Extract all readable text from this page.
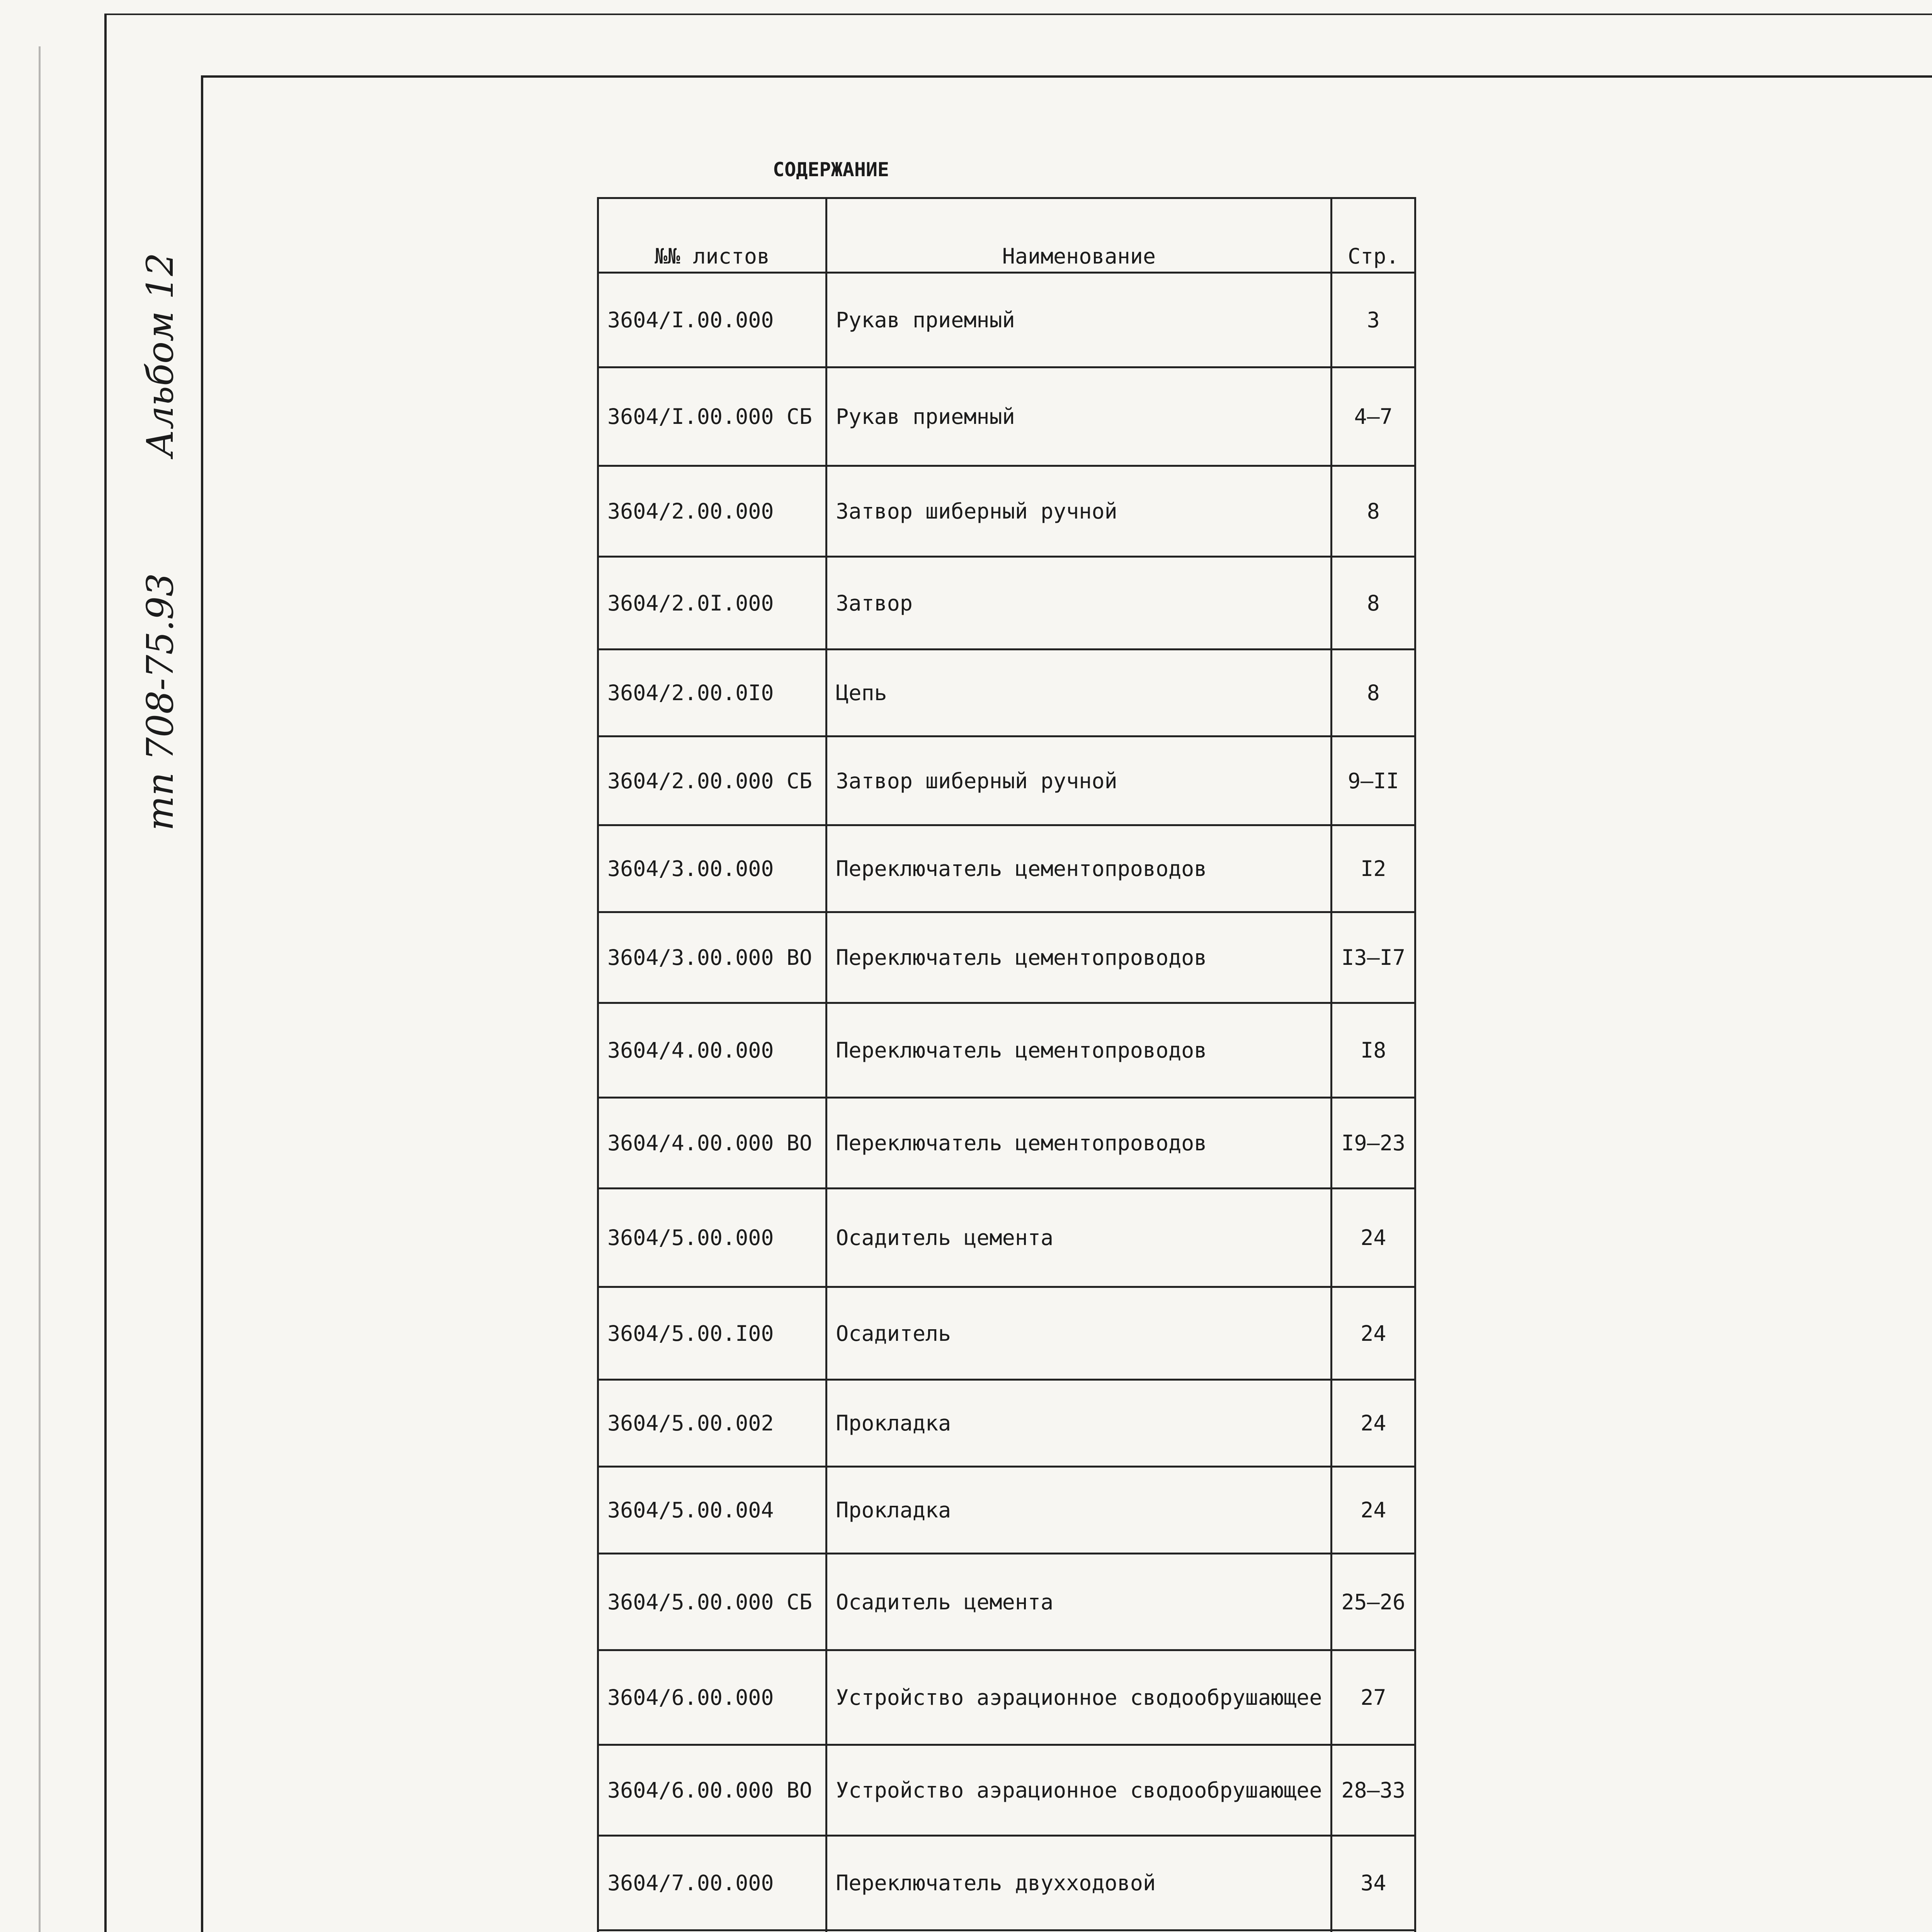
тп 708-75.93
Альбом 12
СОДЕРЖАНИЕ
№№ листов	Наименование	Стр.
3604/I.00.000	Рукав приемный	3
3604/I.00.000 СБ	Рукав приемный	4–7
3604/2.00.000	Затвор шиберный ручной	8
3604/2.0I.000	Затвор	8
3604/2.00.0I0	Цепь	8
3604/2.00.000 СБ	Затвор шиберный ручной	9–II
3604/3.00.000	Переключатель цементопроводов	I2
3604/3.00.000 ВО	Переключатель цементопроводов	I3–I7
3604/4.00.000	Переключатель цементопроводов	I8
3604/4.00.000 ВО	Переключатель цементопроводов	I9–23
3604/5.00.000	Осадитель цемента	24
3604/5.00.I00	Осадитель	24
3604/5.00.002	Прокладка	24
3604/5.00.004	Прокладка	24
3604/5.00.000 СБ	Осадитель цемента	25–26
3604/6.00.000	Устройство аэрационное сводообрушающее	27
3604/6.00.000 ВО	Устройство аэрационное сводообрушающее	28–33
3604/7.00.000	Переключатель двухходовой	34
